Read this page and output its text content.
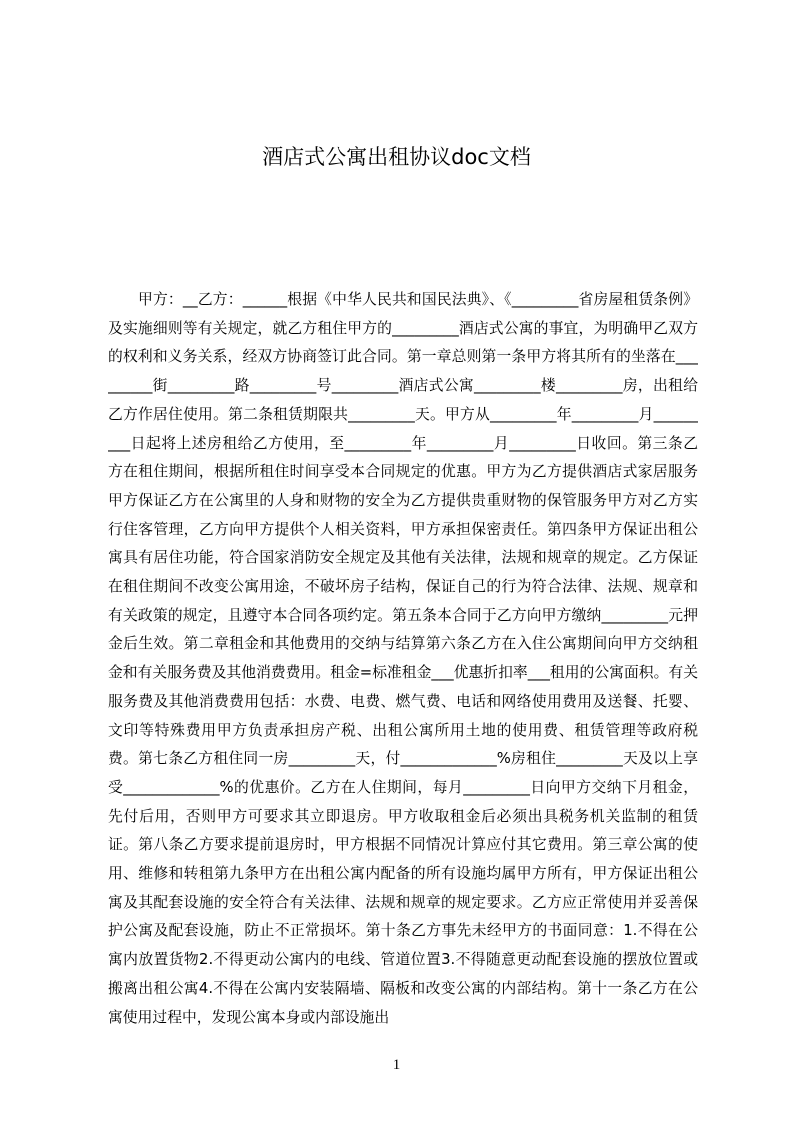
酒店式公寓出租协议doc文档

甲方：__乙方：______根据《中华人民共和国民法典》、《_________省房屋租赁条例》及实施细则等有关规定，就乙方租住甲方的_________酒店式公寓的事宜，为明确甲乙双方的权利和义务关系，经双方协商签订此合同。第一章总则第一条甲方将其所有的坐落在_________街_________路_________号_________酒店式公寓_________楼_________房，出租给乙方作居住使用。第二条租赁期限共_________天。甲方从_________年_________月_________日起将上述房租给乙方使用，至_________年_________月_________日收回。第三条乙方在租住期间，根据所租住时间享受本合同规定的优惠。甲方为乙方提供酒店式家居服务甲方保证乙方在公寓里的人身和财物的安全为乙方提供贵重财物的保管服务甲方对乙方实行住客管理，乙方向甲方提供个人相关资料，甲方承担保密责任。第四条甲方保证出租公寓具有居住功能，符合国家消防安全规定及其他有关法律，法规和规章的规定。乙方保证在租住期间不改变公寓用途，不破坏房子结构，保证自己的行为符合法律、法规、规章和有关政策的规定，且遵守本合同各项约定。第五条本合同于乙方向甲方缴纳_________元押金后生效。第二章租金和其他费用的交纳与结算第六条乙方在入住公寓期间向甲方交纳租金和有关服务费及其他消费费用。租金=标准租金___优惠折扣率___租用的公寓面积。有关服务费及其他消费费用包括：水费、电费、燃气费、电话和网络使用费用及送餐、托婴、文印等特殊费用甲方负责承担房产税、出租公寓所用土地的使用费、租赁管理等政府税费。第七条乙方租住同一房_________天，付_____________%房租住_________天及以上享受_____________%的优惠价。乙方在人住期间，每月_________日向甲方交纳下月租金，先付后用，否则甲方可要求其立即退房。甲方收取租金后必须出具税务机关监制的租赁证。第八条乙方要求提前退房时，甲方根据不同情况计算应付其它费用。第三章公寓的使用、维修和转租第九条甲方在出租公寓内配备的所有设施均属甲方所有，甲方保证出租公寓及其配套设施的安全符合有关法律、法规和规章的规定要求。乙方应正常使用并妥善保护公寓及配套设施，防止不正常损坏。第十条乙方事先未经甲方的书面同意：1.不得在公寓内放置货物2.不得更动公寓内的电线、管道位置3.不得随意更动配套设施的摆放位置或搬离出租公寓4.不得在公寓内安装隔墙、隔板和改变公寓的内部结构。第十一条乙方在公寓使用过程中，发现公寓本身或内部设施出

1
